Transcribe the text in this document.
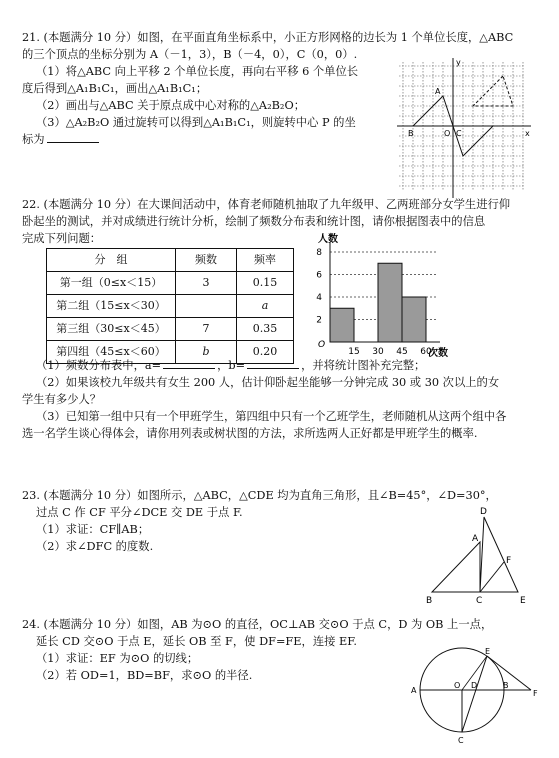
21. (本题满分 10 分）如图，在平面直角坐标系中，小正方形网格的边长为 1 个单位长度，△ABC
的三个顶点的坐标分别为 A（－1，3），B（－4，0），C（0，0）.
（1）将△ABC 向上平移 2 个单位长度，再向右平移 6 个单位长
度后得到△A₁B₁C₁，画出△A₁B₁C₁；
（2）画出与△ABC 关于原点成中心对称的△A₂B₂O；
（3）△A₂B₂O 通过旋转可以得到△A₁B₁C₁，则旋转中心 P 的坐
标为
y
x
B	O C
A
22. (本题满分 10 分）在大课间活动中，体育老师随机抽取了九年级甲、乙两班部分女学生进行仰
卧起坐的测试，并对成绩进行统计分析，绘制了频数分布表和统计图，请你根据图表中的信息
完成下列问题：
分　组	频数	频率
第一组（0≤x＜15）	3	0.15
第二组（15≤x＜30）		a
第三组（30≤x＜45）	7	0.35
第四组（45≤x＜60）	b	0.20
2
4
6
8
15 30 45 60
人数
次数
O
（1）频数分布表中，a=	，b=	，并将统计图补充完整；
（2）如果该校九年级共有女生 200 人，估计仰卧起坐能够一分钟完成 30 或 30 次以上的女
学生有多少人？
（3）已知第一组中只有一个甲班学生，第四组中只有一个乙班学生，老师随机从这两个组中各
选一名学生谈心得体会，请你用列表或树状图的方法，求所选两人正好都是甲班学生的概率.
23. (本题满分 10 分）如图所示，△ABC，△CDE 均为直角三角形，且∠B=45°，∠D=30°，
过点 C 作 CF 平分∠DCE 交 DE 于点 F.
（1）求证：CF∥AB；
（2）求∠DFC 的度数.
D
A
F
B	C	E
24. (本题满分 10 分）如图，AB 为⊙O 的直径，OC⊥AB 交⊙O 于点 C，D 为 OB 上一点，
延长 CD 交⊙O 于点 E，延长 OB 至 F，使 DF=FE，连接 EF.
（1）求证：EF 为⊙O 的切线；
（2）若 OD=1，BD=BF，求⊙O 的半径.
E
A
O D	B
F
C
